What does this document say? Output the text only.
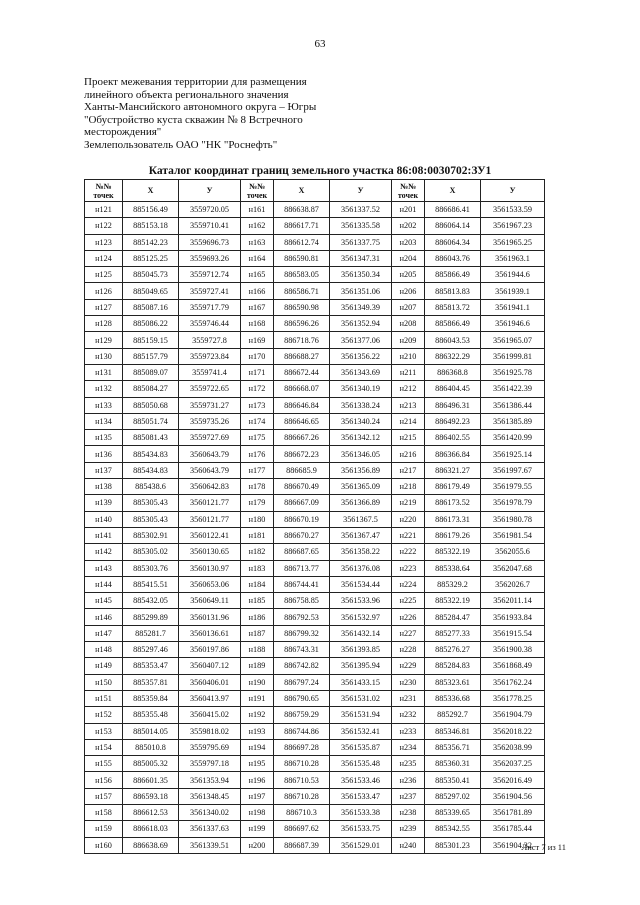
63
Проект межевания территории для размещения
линейного объекта регионального значения
Ханты-Мансийского автономного округа – Югры
"Обустройство куста скважин № 8 Встречного
месторождения"
Землепользователь ОАО "НК "Роснефть"
Каталог координат границ земельного участка 86:08:0030702:ЗУ1
№№ точек	X	У	№№ точек	X	У	№№ точек	X	У
н121	885156.49	3559720.05	н161	886638.87	3561337.52	н201	886686.41	3561533.59
н122	885153.18	3559710.41	н162	886617.71	3561335.58	н202	886064.14	3561967.23
н123	885142.23	3559696.73	н163	886612.74	3561337.75	н203	886064.34	3561965.25
н124	885125.25	3559693.26	н164	886590.81	3561347.31	н204	886043.76	3561963.1
н125	885045.73	3559712.74	н165	886583.05	3561350.34	н205	885866.49	3561944.6
н126	885049.65	3559727.41	н166	886586.71	3561351.06	н206	885813.83	3561939.1
н127	885087.16	3559717.79	н167	886590.98	3561349.39	н207	885813.72	3561941.1
н128	885086.22	3559746.44	н168	886596.26	3561352.94	н208	885866.49	3561946.6
н129	885159.15	3559727.8	н169	886718.76	3561377.06	н209	886043.53	3561965.07
н130	885157.79	3559723.84	н170	886688.27	3561356.22	н210	886322.29	3561999.81
н131	885089.07	3559741.4	н171	886672.44	3561343.69	н211	886368.8	3561925.78
н132	885084.27	3559722.65	н172	886668.07	3561340.19	н212	886404.45	3561422.39
н133	885050.68	3559731.27	н173	886646.84	3561338.24	н213	886496.31	3561386.44
н134	885051.74	3559735.26	н174	886646.65	3561340.24	н214	886492.23	3561385.89
н135	885081.43	3559727.69	н175	886667.26	3561342.12	н215	886402.55	3561420.99
н136	885434.83	3560643.79	н176	886672.23	3561346.05	н216	886366.84	3561925.14
н137	885434.83	3560643.79	н177	886685.9	3561356.89	н217	886321.27	3561997.67
н138	885438.6	3560642.83	н178	886670.49	3561365.09	н218	886179.49	3561979.55
н139	885305.43	3560121.77	н179	886667.09	3561366.89	н219	886173.52	3561978.79
н140	885305.43	3560121.77	н180	886670.19	3561367.5	н220	886173.31	3561980.78
н141	885302.91	3560122.41	н181	886670.27	3561367.47	н221	886179.26	3561981.54
н142	885305.02	3560130.65	н182	886687.65	3561358.22	н222	885322.19	3562055.6
н143	885303.76	3560130.97	н183	886713.77	3561376.08	н223	885338.64	3562047.68
н144	885415.51	3560653.06	н184	886744.41	3561534.44	н224	885329.2	3562026.7
н145	885432.05	3560649.11	н185	886758.85	3561533.96	н225	885322.19	3562011.14
н146	885299.89	3560131.96	н186	886792.53	3561532.97	н226	885284.47	3561933.84
н147	885281.7	3560136.61	н187	886799.32	3561432.14	н227	885277.33	3561915.54
н148	885297.46	3560197.86	н188	886743.31	3561393.85	н228	885276.27	3561900.38
н149	885353.47	3560407.12	н189	886742.82	3561395.94	н229	885284.83	3561868.49
н150	885357.81	3560406.01	н190	886797.24	3561433.15	н230	885323.61	3561762.24
н151	885359.84	3560413.97	н191	886790.65	3561531.02	н231	885336.68	3561778.25
н152	885355.48	3560415.02	н192	886759.29	3561531.94	н232	885292.7	3561904.79
н153	885014.05	3559818.02	н193	886744.86	3561532.41	н233	885346.81	3562018.22
н154	885010.8	3559795.69	н194	886697.28	3561535.87	н234	885356.71	3562038.99
н155	885005.32	3559797.18	н195	886710.28	3561535.48	н235	885360.31	3562037.25
н156	886601.35	3561353.94	н196	886710.53	3561533.46	н236	885350.41	3562016.49
н157	886593.18	3561348.45	н197	886710.28	3561533.47	н237	885297.02	3561904.56
н158	886612.53	3561340.02	н198	886710.3	3561533.38	н238	885339.65	3561781.89
н159	886618.03	3561337.63	н199	886697.62	3561533.75	н239	885342.55	3561785.44
н160	886638.69	3561339.51	н200	886687.39	3561529.01	н240	885301.23	3561904.32
Лист 7 из 11
